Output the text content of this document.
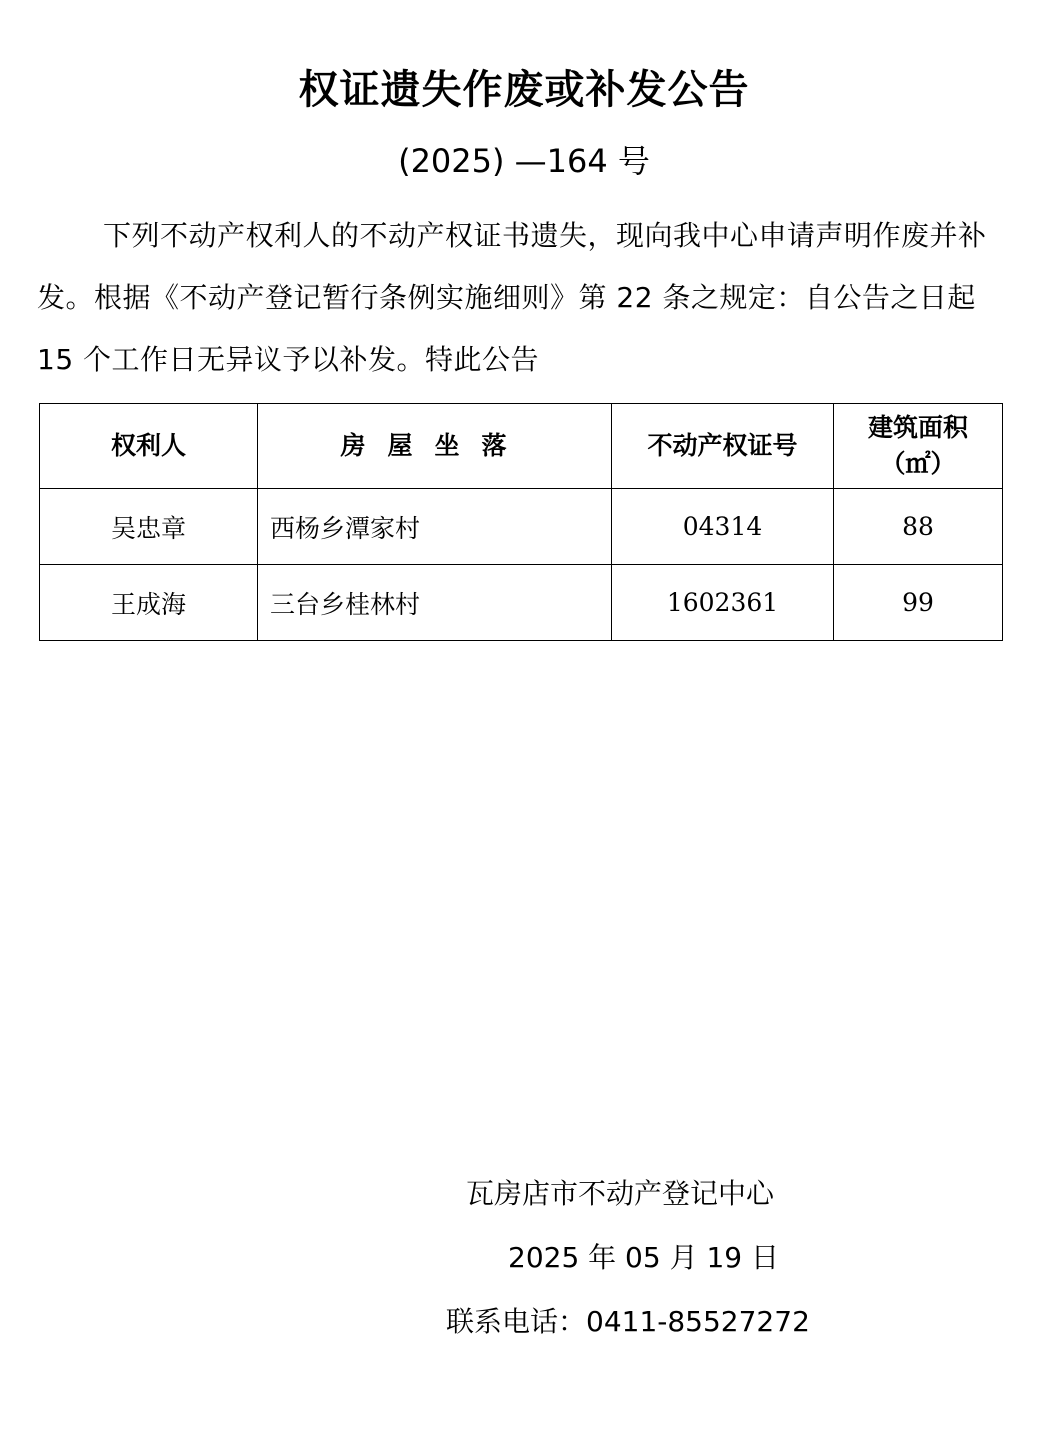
权证遗失作废或补发公告
(2025) —164 号
下列不动产权利人的不动产权证书遗失，现向我中心申请声明作废并补发。根据《不动产登记暂行条例实施细则》第 22 条之规定：自公告之日起 15 个工作日无异议予以补发。特此公告
权利人	房屋坐落	不动产权证号	建筑面积
（㎡）

吴忠章	西杨乡潭家村	04314	88
王成海	三台乡桂林村	1602361	99
瓦房店市不动产登记中心
2025 年 05 月 19 日
联系电话：0411-85527272
